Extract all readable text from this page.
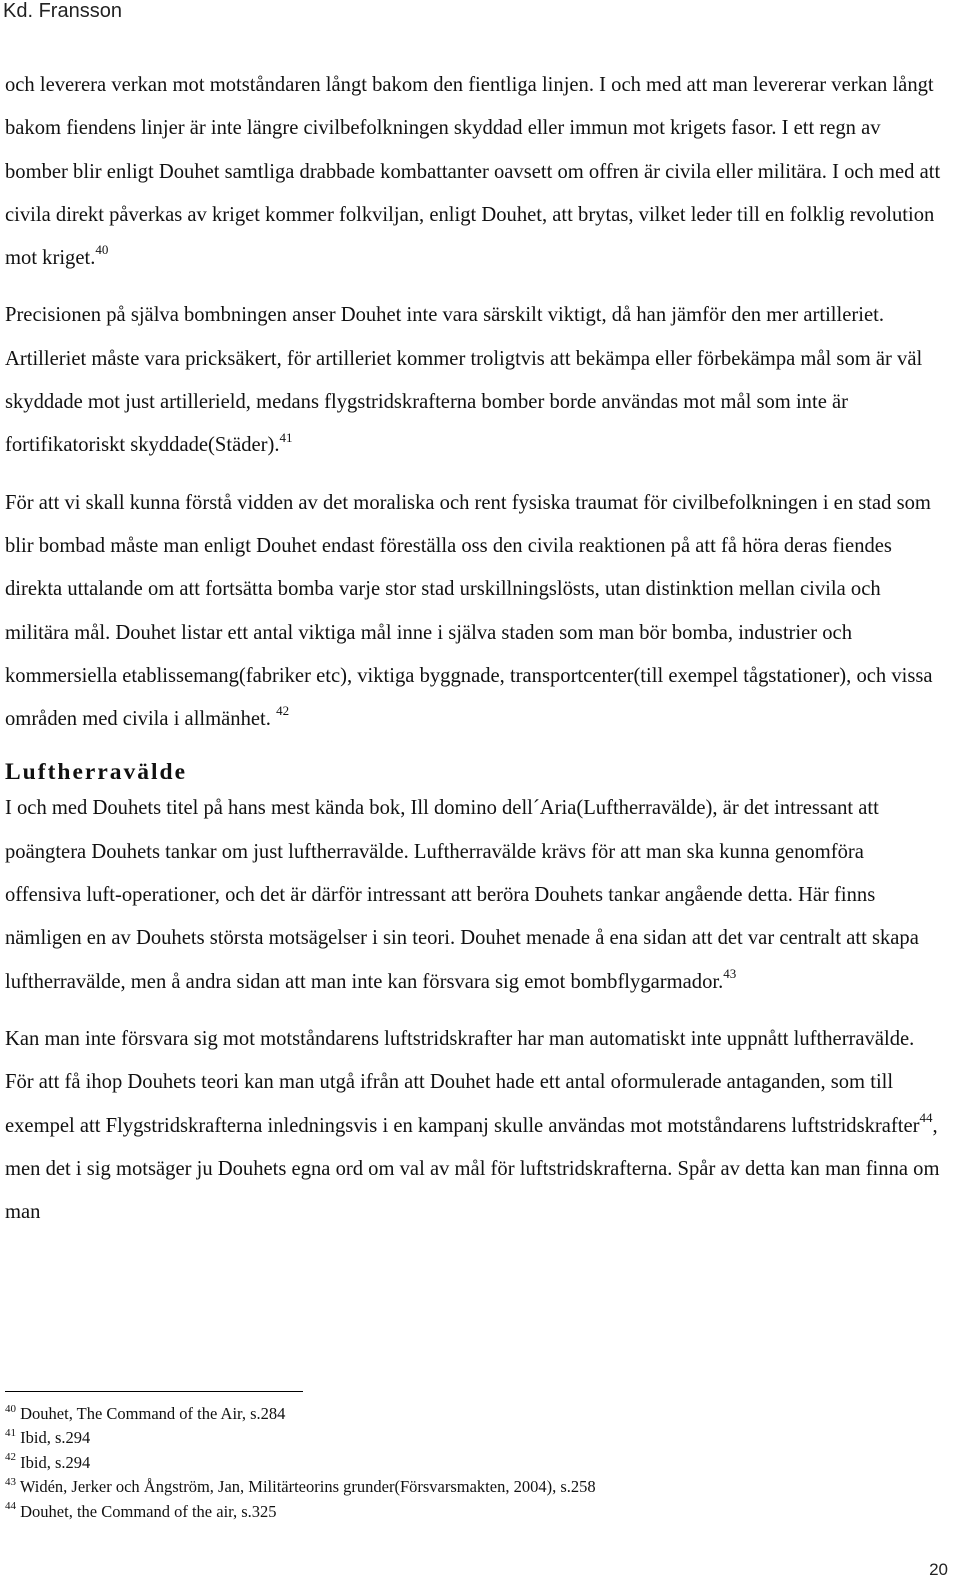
Kd. Fransson

och leverera verkan mot motståndaren långt bakom den fientliga linjen. I och med att man levererar verkan långt bakom fiendens linjer är inte längre civilbefolkningen skyddad eller immun mot krigets fasor. I ett regn av bomber blir enligt Douhet samtliga drabbade kombattanter oavsett om offren är civila eller militära. I och med att civila direkt påverkas av kriget kommer folkviljan, enligt Douhet, att brytas, vilket leder till en folklig revolution mot kriget.$^{40}$

Precisionen på själva bombningen anser Douhet inte vara särskilt viktigt, då han jämför den mer artilleriet. Artilleriet måste vara pricksäkert, för artilleriet kommer troligtvis att bekämpa eller förbekämpa mål som är väl skyddade mot just artillerield, medans flygstridskrafterna bomber borde användas mot mål som inte är fortifikatoriskt skyddade(Städer).$^{41}$

För att vi skall kunna förstå vidden av det moraliska och rent fysiska traumat för civilbefolkningen i en stad som blir bombad måste man enligt Douhet endast föreställa oss den civila reaktionen på att få höra deras fiendes direkta uttalande om att fortsätta bomba varje stor stad urskillningslösts, utan distinktion mellan civila och militära mål. Douhet listar ett antal viktiga mål inne i själva staden som man bör bomba, industrier och kommersiella etablissemang(fabriker etc), viktiga byggnade, transportcenter(till exempel tågstationer), och vissa områden med civila i allmänhet. $^{42}$

Luftherravälde

I och med Douhets titel på hans mest kända bok, Ill domino dell´Aria(Luftherravälde), är det intressant att poängtera Douhets tankar om just luftherravälde. Luftherravälde krävs för att man ska kunna genomföra offensiva luft-operationer, och det är därför intressant att beröra Douhets tankar angående detta. Här finns nämligen en av Douhets största motsägelser i sin teori. Douhet menade å ena sidan att det var centralt att skapa luftherravälde, men å andra sidan att man inte kan försvara sig emot bombflygarmador.$^{43}$

Kan man inte försvara sig mot motståndarens luftstridskrafter har man automatiskt inte uppnått luftherravälde. För att få ihop Douhets teori kan man utgå ifrån att Douhet hade ett antal oformulerade antaganden, som till exempel att Flygstridskrafterna inledningsvis i en kampanj skulle användas mot motståndarens luftstridskrafter$^{44}$, men det i sig motsäger ju Douhets egna ord om val av mål för luftstridskrafterna. Spår av detta kan man finna om man

$^{40}$ Douhet, The Command of the Air, s.284
$^{41}$ Ibid, s.294
$^{42}$ Ibid, s.294
$^{43}$ Widén, Jerker och Ångström, Jan, Militärteorins grunder(Försvarsmakten, 2004), s.258
$^{44}$ Douhet, the Command of the air, s.325
20
